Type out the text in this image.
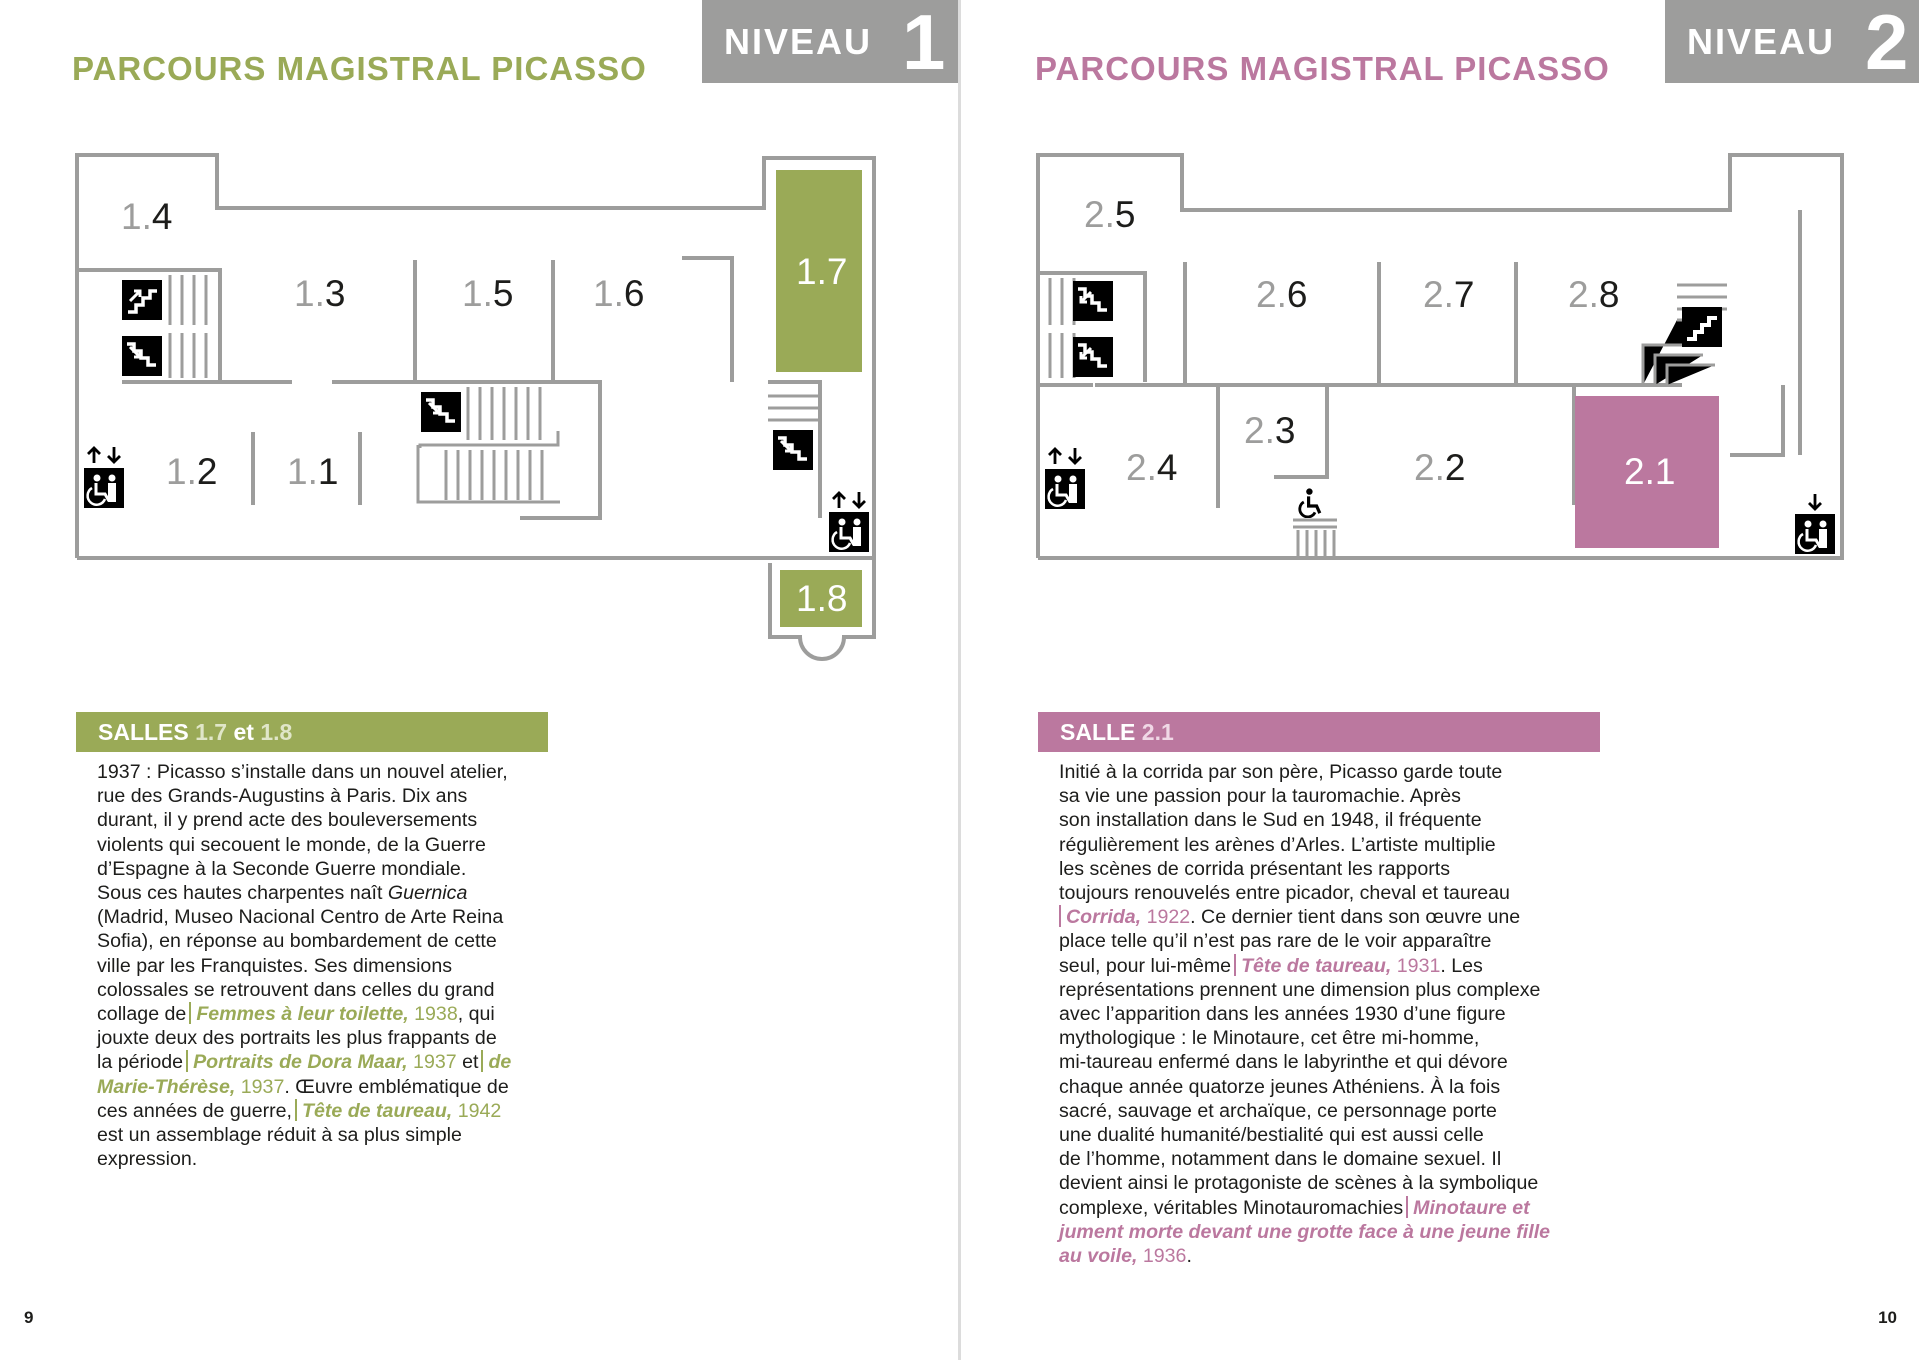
NIVEAU 1
PARCOURS MAGISTRAL PICASSO
1.4
1.3	1.5 1.6
1.7
1.2 1.1
1.8
SALLES
1.7
et
1.8
1937 : Picasso s’installe dans un nouvel atelier,
rue des Grands-Augustins à Paris. Dix ans
durant, il y prend acte des bouleversements
violents qui secouent le monde, de la Guerre
d’Espagne à la Seconde Guerre mondiale.
Sous ces hautes charpentes naît Guernica
(Madrid, Museo Nacional Centro de Arte Reina
Sofia), en réponse au bombardement de cette
ville par les Franquistes. Ses dimensions
colossales se retrouvent dans celles du grand
collage de Femmes à leur toilette, 1938, qui
jouxte deux des portraits les plus frappants de
la période Portraits de Dora Maar, 1937 et de
Marie-Thérèse, 1937. Œuvre emblématique de
ces années de guerre, Tête de taureau, 1942
est un assemblage réduit à sa plus simple
expression.
9
NIVEAU 2
PARCOURS MAGISTRAL PICASSO
2.5
2.6	2.7	2.8
2.3
2.4	2.2	2.1
SALLE
2.1
Initié à la corrida par son père, Picasso garde toute
sa vie une passion pour la tauromachie. Après
son installation dans le Sud en 1948, il fréquente
régulièrement les arènes d’Arles. L’artiste multiplie
les scènes de corrida présentant les rapports
toujours renouvelés entre picador, cheval et taureau
Corrida, 1922. Ce dernier tient dans son œuvre une
place telle qu’il n’est pas rare de le voir apparaître
seul, pour lui-même Tête de taureau, 1931. Les
représentations prennent une dimension plus complexe
avec l’apparition dans les années 1930 d’une figure
mythologique : le Minotaure, cet être mi-homme,
mi-taureau enfermé dans le labyrinthe et qui dévore
chaque année quatorze jeunes Athéniens. À la fois
sacré, sauvage et archaïque, ce personnage porte
une dualité humanité/bestialité qui est aussi celle
de l’homme, notamment dans le domaine sexuel. Il
devient ainsi le protagoniste de scènes à la symbolique
complexe, véritables Minotauromachies Minotaure et
jument morte devant une grotte face à une jeune fille
au voile, 1936.
10
